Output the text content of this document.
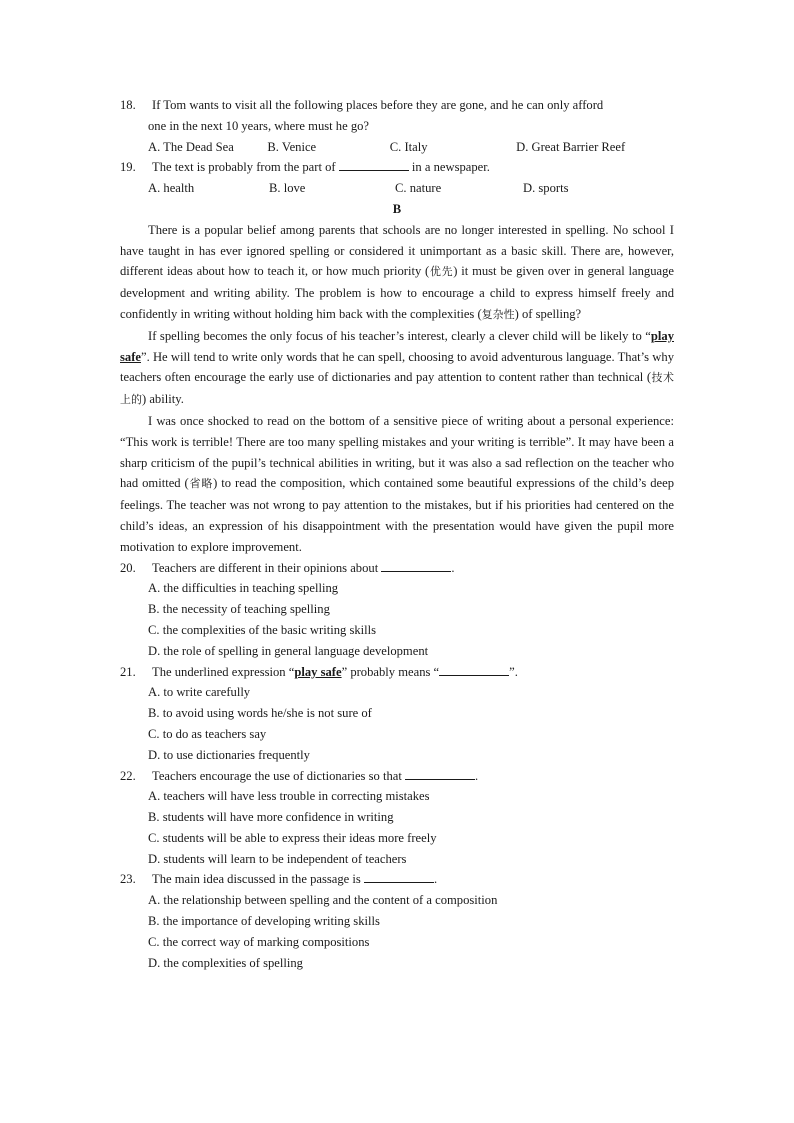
18.	If Tom wants to visit all the following places before they are gone, and he can only afford
one in the next 10 years, where must he go?
A. The Dead Sea	B. Venice	C. Italy	D. Great Barrier Reef
19.	The text is probably from the part of	in a newspaper.
A. health	B. love	C. nature	D. sports
B
There is a popular belief among parents that schools are no longer interested in spelling. No school I have taught in has ever ignored spelling or considered it unimportant as a basic skill. There are, however, different ideas about how to teach it, or how much priority (优先) it must be given over in general language development and writing ability. The problem is how to encourage a child to express himself freely and confidently in writing without holding him back with the complexities (复杂性) of spelling?
If spelling becomes the only focus of his teacher’s interest, clearly a clever child will be likely to “play safe”. He will tend to write only words that he can spell, choosing to avoid adventurous language. That’s why teachers often encourage the early use of dictionaries and pay attention to content rather than technical (技术上的) ability.
I was once shocked to read on the bottom of a sensitive piece of writing about a personal experience: “This work is terrible! There are too many spelling mistakes and your writing is terrible”. It may have been a sharp criticism of the pupil’s technical abilities in writing, but it was also a sad reflection on the teacher who had omitted (省略) to read the composition, which contained some beautiful expressions of the child’s deep feelings. The teacher was not wrong to pay attention to the mistakes, but if his priorities had centered on the child’s ideas, an expression of his disappointment with the presentation would have given the pupil more motivation to explore improvement.
20.	Teachers are different in their opinions about	.
A. the difficulties in teaching spelling
B. the necessity of teaching spelling
C. the complexities of the basic writing skills
D. the role of spelling in general language development
21.	The underlined expression “play safe” probably means “	”.
A. to write carefully
B. to avoid using words he/she is not sure of
C. to do as teachers say
D. to use dictionaries frequently
22.	Teachers encourage the use of dictionaries so that	.
A. teachers will have less trouble in correcting mistakes
B. students will have more confidence in writing
C. students will be able to express their ideas more freely
D. students will learn to be independent of teachers
23.	The main idea discussed in the passage is	.
A. the relationship between spelling and the content of a composition
B. the importance of developing writing skills
C. the correct way of marking compositions
D. the complexities of spelling
